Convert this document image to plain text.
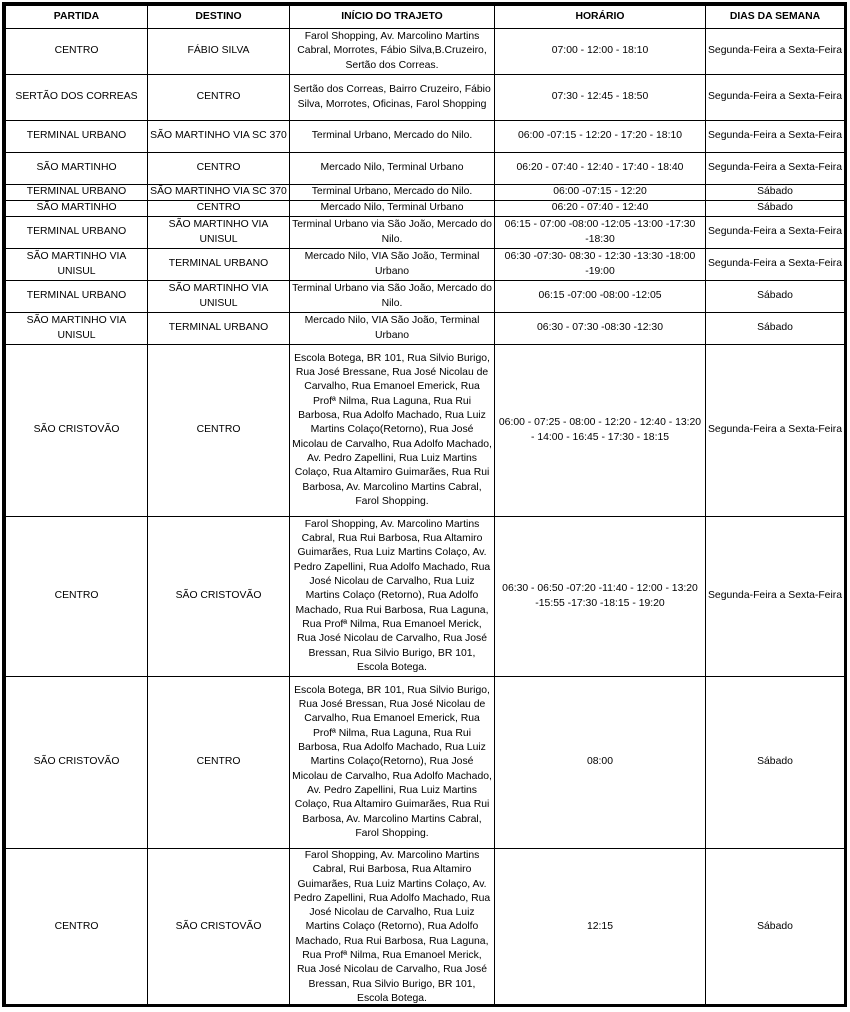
PARTIDA	DESTINO	INÍCIO DO TRAJETO	HORÁRIO	DIAS DA SEMANA
CENTRO	FÁBIO SILVA	Farol Shopping, Av. Marcolino Martins Cabral, Morrotes, Fábio Silva,B.Cruzeiro, Sertão dos Correas.	07:00 - 12:00 - 18:10	Segunda-Feira a Sexta-Feira
SERTÃO DOS CORREAS	CENTRO	Sertão dos Correas, Bairro Cruzeiro, Fábio Silva, Morrotes, Oficinas, Farol Shopping	07:30 - 12:45 - 18:50	Segunda-Feira a Sexta-Feira
TERMINAL URBANO	SÃO MARTINHO VIA SC 370	Terminal Urbano, Mercado do Nilo.	06:00 -07:15 - 12:20 - 17:20 - 18:10	Segunda-Feira a Sexta-Feira
SÃO MARTINHO	CENTRO	Mercado Nilo, Terminal Urbano	06:20 - 07:40 - 12:40 - 17:40 - 18:40	Segunda-Feira a Sexta-Feira
TERMINAL URBANO	SÃO MARTINHO VIA SC 370	Terminal Urbano, Mercado do Nilo.	06:00 -07:15 - 12:20	Sábado
SÃO MARTINHO	CENTRO	Mercado Nilo, Terminal Urbano	06:20 - 07:40 - 12:40	Sábado
TERMINAL URBANO	SÃO MARTINHO VIA UNISUL	Terminal Urbano via São João, Mercado do Nilo.	06:15 - 07:00 -08:00 -12:05 -13:00 -17:30 -18:30	Segunda-Feira a Sexta-Feira
SÃO MARTINHO VIA UNISUL	TERMINAL URBANO	Mercado Nilo, VIA São João, Terminal Urbano	06:30 -07:30- 08:30 - 12:30 -13:30 -18:00 -19:00	Segunda-Feira a Sexta-Feira
TERMINAL URBANO	SÃO MARTINHO VIA UNISUL	Terminal Urbano via São João, Mercado do Nilo.	06:15 -07:00 -08:00 -12:05	Sábado
SÃO MARTINHO VIA UNISUL	TERMINAL URBANO	Mercado Nilo, VIA São João, Terminal Urbano	06:30 - 07:30 -08:30 -12:30	Sábado
SÃO CRISTOVÃO	CENTRO	Escola Botega, BR 101, Rua Silvio Burigo, Rua José Bressane, Rua José Nicolau de Carvalho, Rua Emanoel Emerick, Rua Profª Nilma, Rua Laguna, Rua Rui Barbosa, Rua Adolfo Machado, Rua Luiz Martins Colaço(Retorno), Rua José Micolau de Carvalho, Rua Adolfo Machado, Av. Pedro Zapellini, Rua Luiz Martins Colaço, Rua Altamiro Guimarães, Rua Rui Barbosa, Av. Marcolino Martins Cabral, Farol Shopping.	06:00 - 07:25 - 08:00 - 12:20 - 12:40 - 13:20 - 14:00 - 16:45 - 17:30 - 18:15	Segunda-Feira a Sexta-Feira
CENTRO	SÃO CRISTOVÃO	Farol Shopping, Av. Marcolino Martins Cabral, Rua Rui Barbosa, Rua Altamiro Guimarães, Rua Luiz Martins Colaço, Av. Pedro Zapellini, Rua Adolfo Machado, Rua José Nicolau de Carvalho, Rua Luiz Martins Colaço (Retorno), Rua Adolfo Machado, Rua Rui Barbosa, Rua Laguna, Rua Profª Nilma, Rua Emanoel Merick, Rua José Nicolau de Carvalho, Rua José Bressan, Rua Silvio Burigo, BR 101, Escola Botega.	06:30 - 06:50 -07:20 -11:40 - 12:00 - 13:20 -15:55 -17:30 -18:15 - 19:20	Segunda-Feira a Sexta-Feira
SÃO CRISTOVÃO	CENTRO	Escola Botega, BR 101, Rua Silvio Burigo, Rua José Bressan, Rua José Nicolau de Carvalho, Rua Emanoel Emerick, Rua Profª Nilma, Rua Laguna, Rua Rui Barbosa, Rua Adolfo Machado, Rua Luiz Martins Colaço(Retorno), Rua José Micolau de Carvalho, Rua Adolfo Machado, Av. Pedro Zapellini, Rua Luiz Martins Colaço, Rua Altamiro Guimarães, Rua Rui Barbosa, Av. Marcolino Martins Cabral, Farol Shopping.	08:00	Sábado
CENTRO	SÃO CRISTOVÃO	Farol Shopping, Av. Marcolino Martins Cabral, Rui Barbosa, Rua Altamiro Guimarães, Rua Luiz Martins Colaço, Av. Pedro Zapellini, Rua Adolfo Machado, Rua José Nicolau de Carvalho, Rua Luiz Martins Colaço (Retorno), Rua Adolfo Machado, Rua Rui Barbosa, Rua Laguna, Rua Profª Nilma, Rua Emanoel Merick, Rua José Nicolau de Carvalho, Rua José Bressan, Rua Silvio Burigo, BR 101, Escola Botega.	12:15	Sábado
